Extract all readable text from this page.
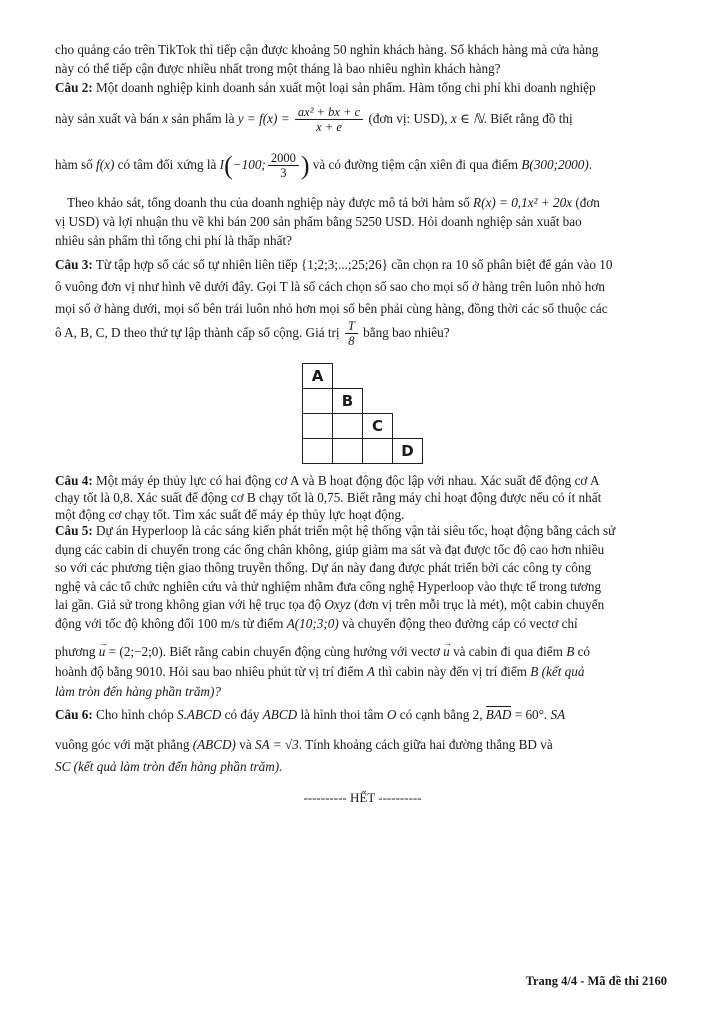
cho quảng cáo trên TikTok thì tiếp cận được khoảng 50 nghìn khách hàng. Số khách hàng mà cửa hàng

này có thể tiếp cận được nhiều nhất trong một tháng là bao nhiêu nghìn khách hàng?

Câu 2: Một doanh nghiệp kinh doanh sản xuất một loại sản phẩm. Hàm tổng chi phí khi doanh nghiệp

này sản xuất và bán x sản phẩm là $y = f(x) = \frac{\text{ax² + bx + c}}{x + e}$ (đơn vị: USD), x ∈ ℕ. Biết rằng đồ thị

hàm số f(x) có tâm đối xứng là I(−100; $\frac{2000}{3}$ ) và có đường tiệm cận xiên đi qua điểm B(300;2000).

Theo khảo sát, tổng doanh thu của doanh nghiệp này được mô tả bởi hàm số R(x) = 0,1x² + 20x (đơn

vị USD) và lợi nhuận thu về khi bán 200 sản phẩm bằng 5250 USD. Hỏi doanh nghiệp sản xuất bao

nhiêu sản phẩm thì tổng chi phí là thấp nhất?

Câu 3: Từ tập hợp số các số tự nhiên liên tiếp {1;2;3;...;25;26} cần chọn ra 10 số phân biệt để gán vào 10

ô vuông đơn vị như hình vẽ dưới đây. Gọi T là số cách chọn số sao cho mọi số ở hàng trên luôn nhỏ hơn

mọi số ở hàng dưới, mọi số bên trái luôn nhỏ hơn mọi số bên phải cùng hàng, đồng thời các số thuộc các

ô A, B, C, D theo thứ tự lập thành cấp số cộng. Giá trị $\frac{T}{8}$ bằng bao nhiêu?

A			
	B		
		C	
			D

Câu 4: Một máy ép thủy lực có hai động cơ A và B hoạt động độc lập với nhau. Xác suất để động cơ A

chạy tốt là 0,8. Xác suất để động cơ B chạy tốt là 0,75. Biết rằng máy chỉ hoạt động được nếu có ít nhất

một động cơ chạy tốt. Tìm xác suất để máy ép thủy lực hoạt động.

Câu 5: Dự án Hyperloop là các sáng kiến phát triển một hệ thống vận tải siêu tốc, hoạt động bằng cách sử

dụng các cabin di chuyển trong các ống chân không, giúp giảm ma sát và đạt được tốc độ cao hơn nhiều

so với các phương tiện giao thông truyền thống. Dự án này đang được phát triển bởi các công ty công

nghệ và các tổ chức nghiên cứu và thử nghiệm nhằm đưa công nghệ Hyperloop vào thực tế trong tương

lai gần. Giả sử trong không gian với hệ trục tọa độ Oxyz (đơn vị trên mỗi trục là mét), một cabin chuyển

động với tốc độ không đổi 100 m/s từ điểm A(10;3;0) và chuyển động theo đường cáp có vectơ chỉ

phương
→
u = (2;−2;0). Biết rằng cabin chuyển động cùng hướng với vectơ
→
u và cabin đi qua điểm B có

hoành độ bằng 9010. Hỏi sau bao nhiêu phút từ vị trí điểm A thì cabin này đến vị trí điểm B (kết quả

làm tròn đến hàng phần trăm)?

Câu 6: Cho hình chóp S.ABCD có đáy ABCD là hình thoi tâm O có cạnh bằng 2, BAD = 60°. SA

vuông góc với mặt phẳng (ABCD) và SA = √3. Tính khoảng cách giữa hai đường thẳng BD và

SC (kết quả làm tròn đến hàng phần trăm).

---------- HẾT ----------
Trang 4/4 - Mã đề thi 2160
